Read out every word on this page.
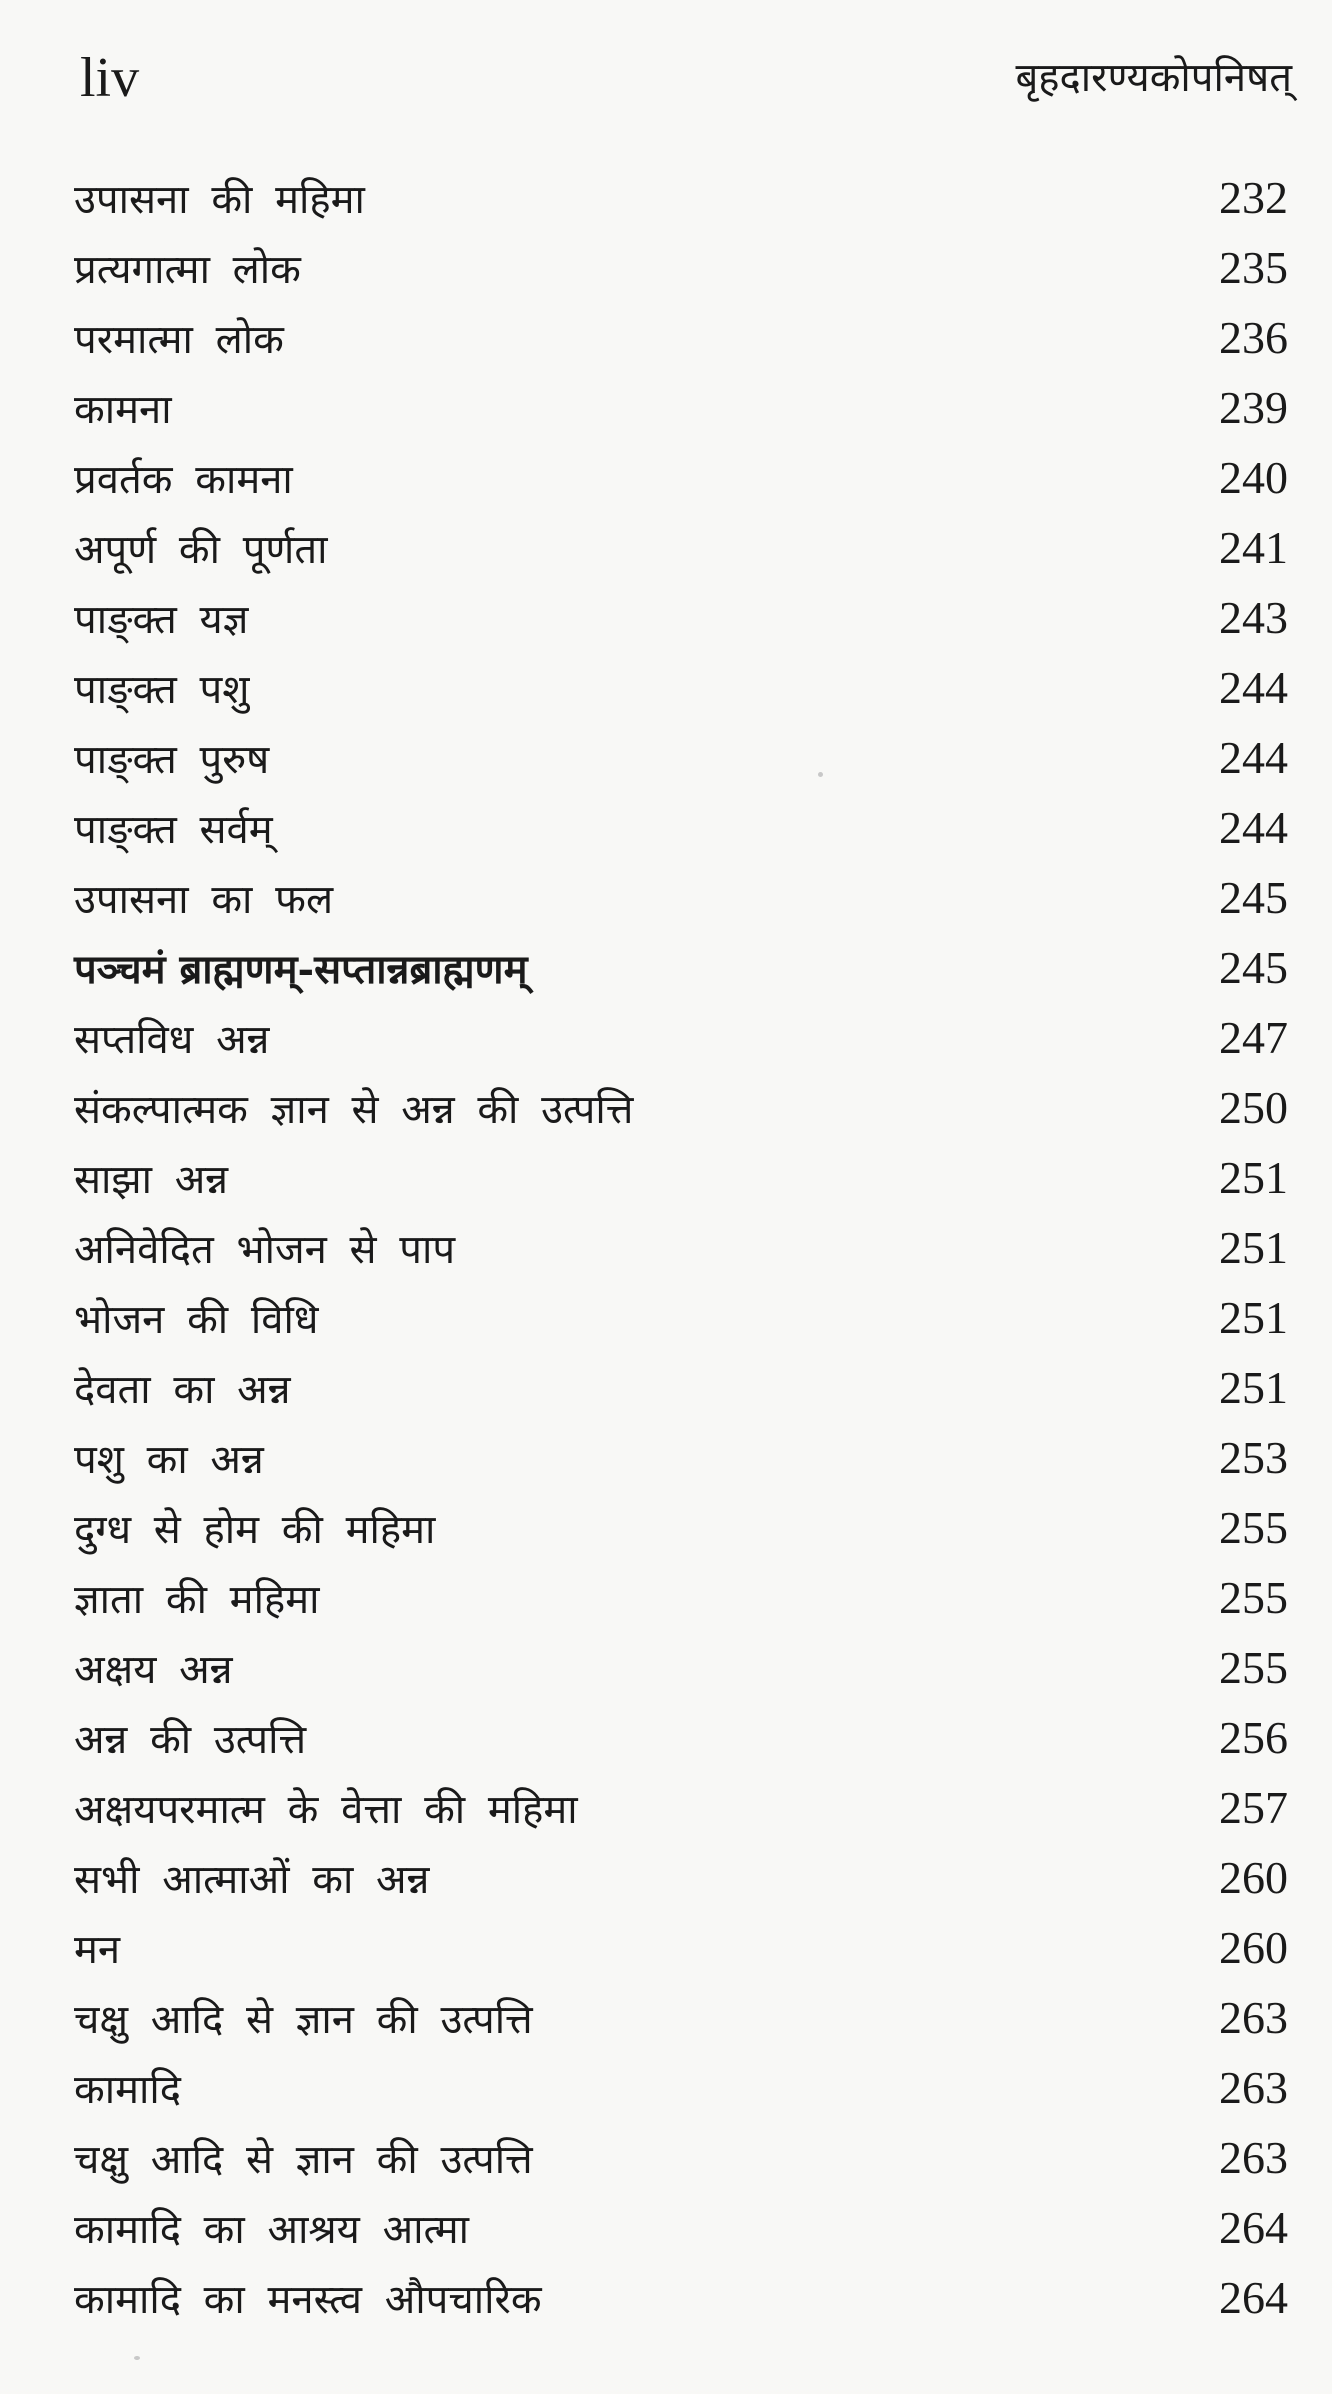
liv	बृहदारण्यकोपनिषत्
उपासना की महिमा	232
प्रत्यगात्मा लोक	235
परमात्मा लोक	236
कामना	239
प्रवर्तक कामना	240
अपूर्ण की पूर्णता	241
पाङ्क्त यज्ञ	243
पाङ्क्त पशु	244
पाङ्क्त पुरुष	244
पाङ्क्त सर्वम्	244
उपासना का फल	245
पञ्चमं ब्राह्मणम्-सप्तान्नब्राह्मणम्	245
सप्तविध अन्न	247
संकल्पात्मक ज्ञान से अन्न की उत्पत्ति	250
साझा अन्न	251
अनिवेदित भोजन से पाप	251
भोजन की विधि	251
देवता का अन्न	251
पशु का अन्न	253
दुग्ध से होम की महिमा	255
ज्ञाता की महिमा	255
अक्षय अन्न	255
अन्न की उत्पत्ति	256
अक्षयपरमात्म के वेत्ता की महिमा	257
सभी आत्माओं का अन्न	260
मन	260
चक्षु आदि से ज्ञान की उत्पत्ति	263
कामादि	263
चक्षु आदि से ज्ञान की उत्पत्ति	263
कामादि का आश्रय आत्मा	264
कामादि का मनस्त्व औपचारिक	264
